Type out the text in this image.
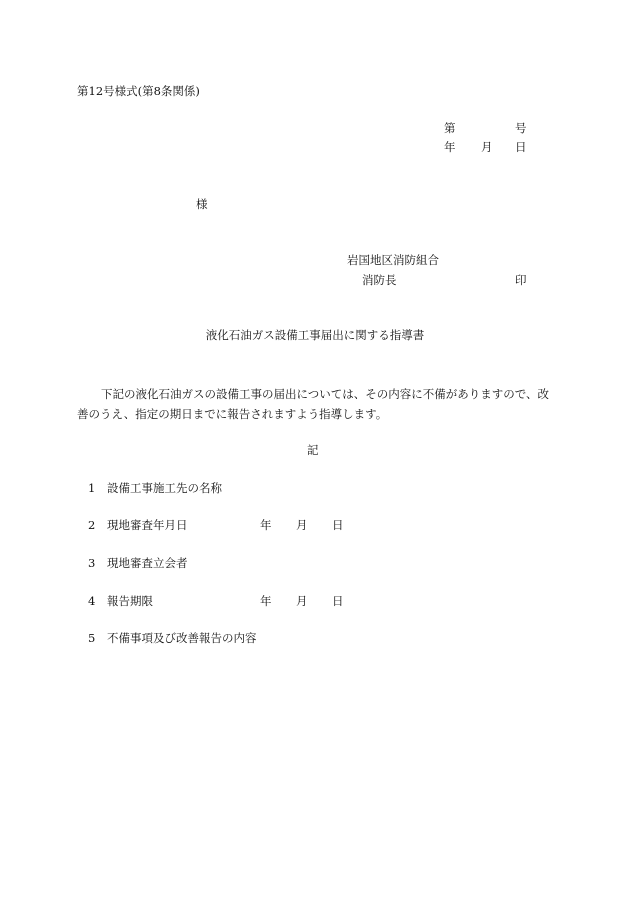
第12号様式(第8条関係)
第	号
年 月 日
様
岩国地区消防組合
消防長	印
液化石油ガス設備工事届出に関する指導書
下記の液化石油ガスの設備工事の届出については、その内容に不備がありますので、改善のうえ、指定の期日までに報告されますよう指導します。
記
1 設備工事施工先の名称
2 現地審査年月日	年 月 日
3 現地審査立会者
4 報告期限	年 月 日
5 不備事項及び改善報告の内容
